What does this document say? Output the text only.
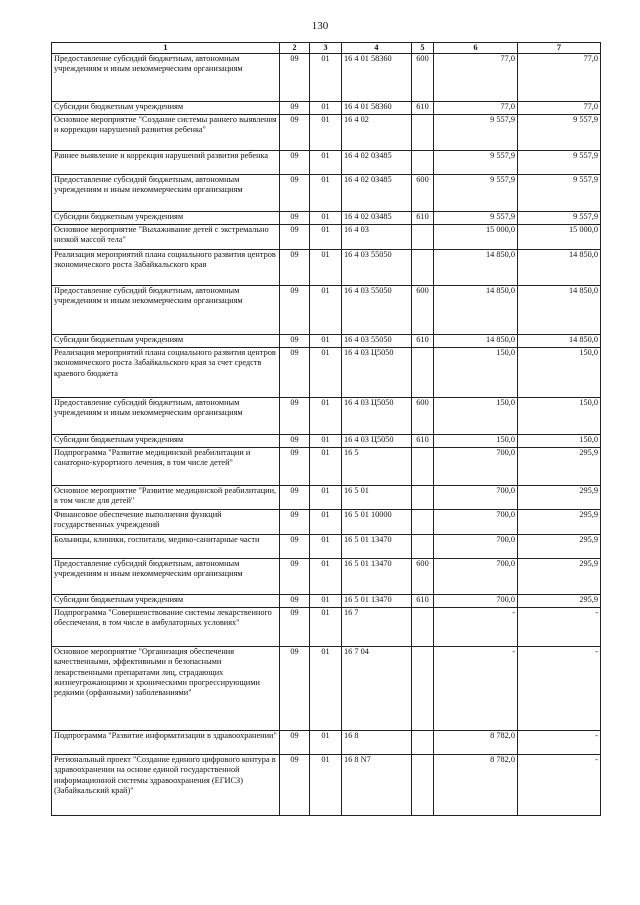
130
1	2	3	4	5	6	7
Предоставление субсидий бюджетным, автономным учреждениям и иным некоммерческим организациям	09	01	16 4 01 58360	600	77,0	77,0
Субсидии бюджетным учреждениям	09	01	16 4 01 58360	610	77,0	77,0
Основное мероприятие "Создание системы раннего выявления и коррекции нарушений развития ребенка"	09	01	16 4 02		9 557,9	9 557,9
Раннее выявление и коррекция нарушений развития ребенка	09	01	16 4 02 03485		9 557,9	9 557,9
Предоставление субсидий бюджетным, автономным учреждениям и иным некоммерческим организациям	09	01	16 4 02 03485	600	9 557,9	9 557,9
Субсидии бюджетным учреждениям	09	01	16 4 02 03485	610	9 557,9	9 557,9
Основное мероприятие "Выхаживание детей с экстремально низкой массой тела"	09	01	16 4 03		15 000,0	15 000,0
Реализация мероприятий плана социального развития центров экономического роста Забайкальского края	09	01	16 4 03 55050		14 850,0	14 850,0
Предоставление субсидий бюджетным, автономным учреждениям и иным некоммерческим организациям	09	01	16 4 03 55050	600	14 850,0	14 850,0
Субсидии бюджетным учреждениям	09	01	16 4 03 55050	610	14 850,0	14 850,0
Реализация мероприятий плана социального развития центров экономического роста Забайкальского края за счет средств краевого бюджета	09	01	16 4 03 Ц5050		150,0	150,0
Предоставление субсидий бюджетным, автономным учреждениям и иным некоммерческим организациям	09	01	16 4 03 Ц5050	600	150,0	150,0
Субсидии бюджетным учреждениям	09	01	16 4 03 Ц5050	610	150,0	150,0
Подпрограмма "Развитие медицинской реабилитации и санаторно-курортного лечения, в том числе детей"	09	01	16 5		700,0	295,9
Основное мероприятие "Развитие медицинской реабилитации, в том числе для детей"	09	01	16 5 01		700,0	295,9
Финансовое обеспечение выполнения функций государственных учреждений	09	01	16 5 01 10000		700,0	295,9
Больницы, клиники, госпитали, медико-санитарные части	09	01	16 5 01 13470		700,0	295,9
Предоставление субсидий бюджетным, автономным учреждениям и иным некоммерческим организациям	09	01	16 5 01 13470	600	700,0	295,9
Субсидии бюджетным учреждениям	09	01	16 5 01 13470	610	700,0	295,9
Подпрограмма "Совершенствование системы лекарственного обеспечения, в том числе в амбулаторных условиях"	09	01	16 7		-	-
Основное мероприятие "Организация обеспечения качественными, эффективными и безопасными лекарственными препаратами лиц, страдающих жизнеугрожающими и хроническими прогрессирующими редкими (орфанными) заболеваниями"	09	01	16 7 04		-	-
Подпрограмма "Развитие информатизации в здравоохранении"	09	01	16 8		8 782,0	-
Региональный проект "Создание единого цифрового контура в здравоохранении на основе единой государственной информационной системы здравоохранения (ЕГИСЗ) (Забайкальский край)"	09	01	16 8 N7		8 782,0	-
